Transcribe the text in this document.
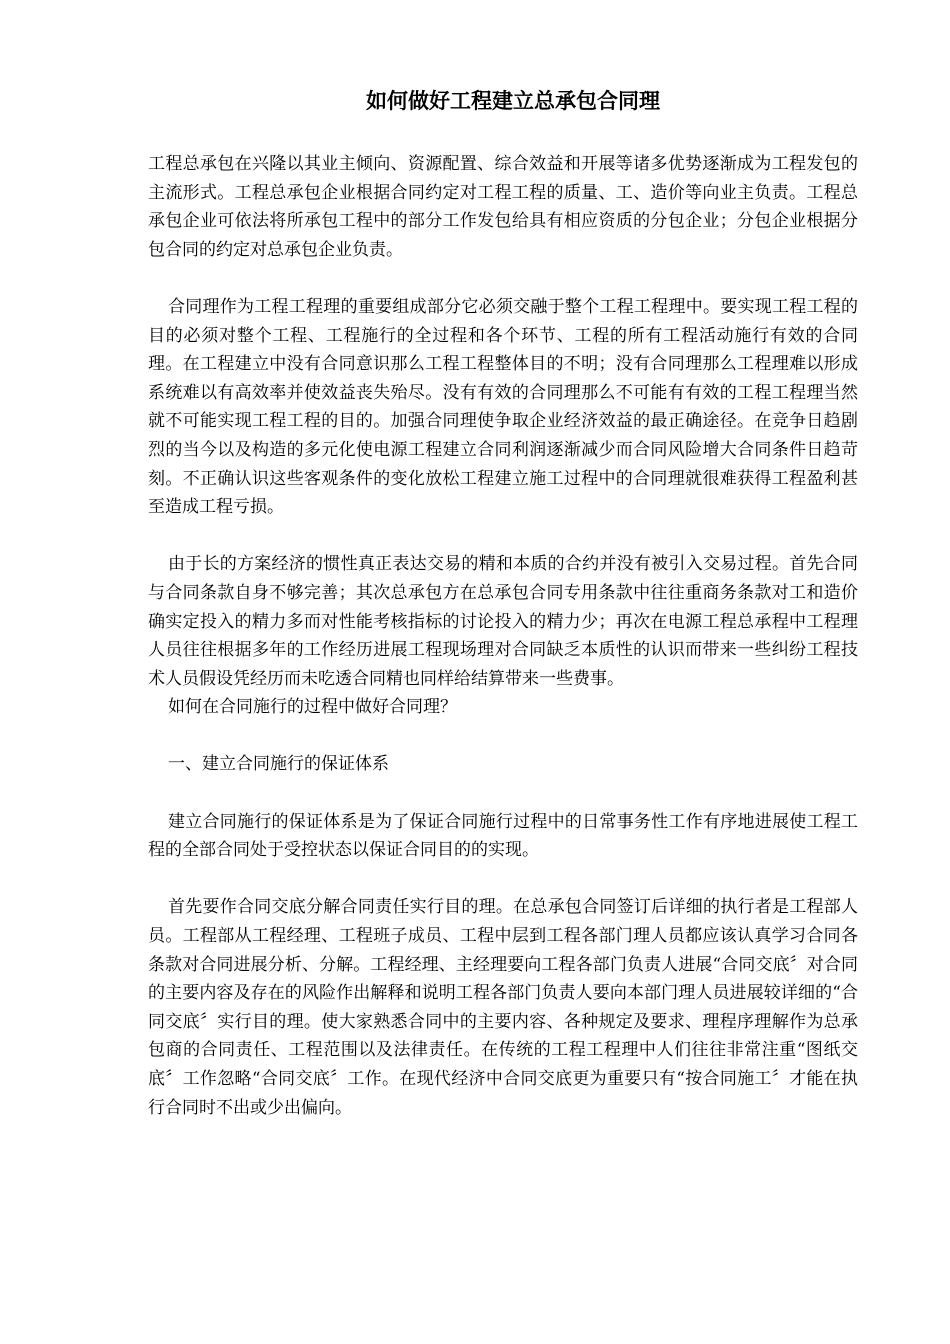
如何做好工程建立总承包合同理

工程总承包在兴隆以其业主倾向、资源配置、综合效益和开展等诸多优势逐渐成为工程发包的主流形式。工程总承包企业根据合同约定对工程工程的质量、工、造价等向业主负责。工程总承包企业可依法将所承包工程中的部分工作发包给具有相应资质的分包企业；分包企业根据分包合同的约定对总承包企业负责。

合同理作为工程工程理的重要组成部分它必须交融于整个工程工程理中。要实现工程工程的目的必须对整个工程、工程施行的全过程和各个环节、工程的所有工程活动施行有效的合同理。在工程建立中没有合同意识那么工程工程整体目的不明；没有合同理那么工程理难以形成系统难以有高效率并使效益丧失殆尽。没有有效的合同理那么不可能有有效的工程工程理当然就不可能实现工程工程的目的。加强合同理使争取企业经济效益的最正确途径。在竞争日趋剧烈的当今以及构造的多元化使电源工程建立合同利润逐渐减少而合同风险增大合同条件日趋苛刻。不正确认识这些客观条件的变化放松工程建立施工过程中的合同理就很难获得工程盈利甚至造成工程亏损。

由于长的方案经济的惯性真正表达交易的精和本质的合约并没有被引入交易过程。首先合同与合同条款自身不够完善；其次总承包方在总承包合同专用条款中往往重商务条款对工和造价确实定投入的精力多而对性能考核指标的讨论投入的精力少；再次在电源工程总承程中工程理人员往往根据多年的工作经历进展工程现场理对合同缺乏本质性的认识而带来一些纠纷工程技术人员假设凭经历而未吃透合同精也同样给结算带来一些费事。

如何在合同施行的过程中做好合同理？

一、建立合同施行的保证体系

建立合同施行的保证体系是为了保证合同施行过程中的日常事务性工作有序地进展使工程工程的全部合同处于受控状态以保证合同目的的实现。

首先要作合同交底分解合同责任实行目的理。在总承包合同签订后详细的执行者是工程部人员。工程部从工程经理、工程班子成员、工程中层到工程各部门理人员都应该认真学习合同各条款对合同进展分析、分解。工程经理、主经理要向工程各部门负责人进展“合同交底〞对合同的主要内容及存在的风险作出解释和说明工程各部门负责人要向本部门理人员进展较详细的“合同交底〞实行目的理。使大家熟悉合同中的主要内容、各种规定及要求、理程序理解作为总承包商的合同责任、工程范围以及法律责任。在传统的工程工程理中人们往往非常注重“图纸交底〞工作忽略“合同交底〞工作。在现代经济中合同交底更为重要只有“按合同施工〞才能在执行合同时不出或少出偏向。
